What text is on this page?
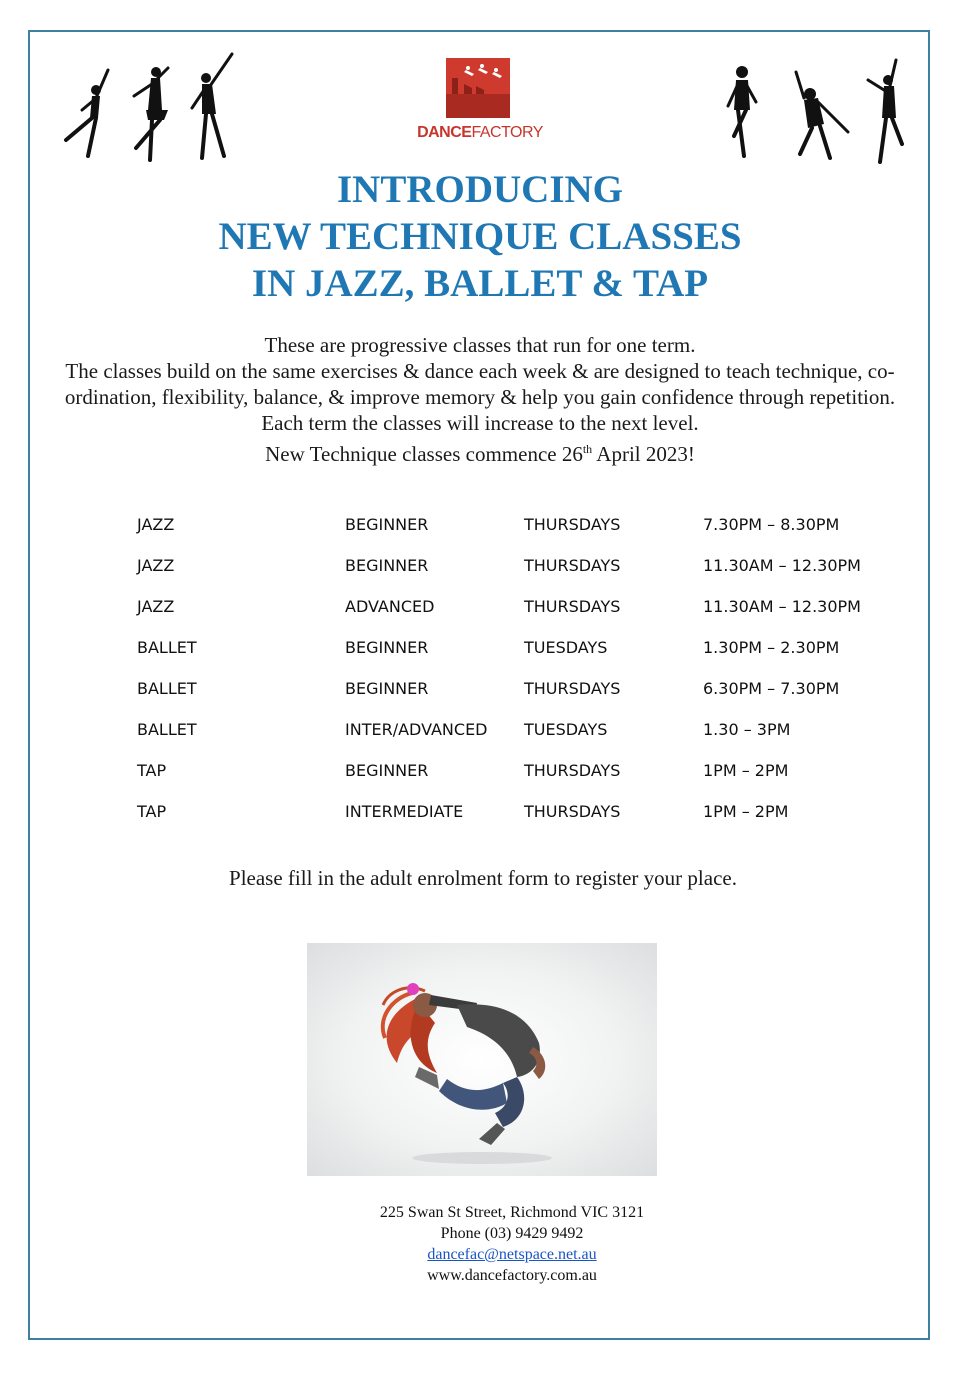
DANCEFACTORY
INTRODUCING
NEW TECHNIQUE CLASSES
IN JAZZ, BALLET & TAP

These are progressive classes that run for one term.

The classes build on the same exercises & dance each week & are designed to teach technique, co-ordination, flexibility, balance, & improve memory & help you gain confidence through repetition.

Each term the classes will increase to the next level.

New Technique classes commence 26th April 2023!

JAZZ	BEGINNER	THURSDAYS	7.30PM – 8.30PM
JAZZ	BEGINNER	THURSDAYS	11.30AM – 12.30PM
JAZZ	ADVANCED	THURSDAYS	11.30AM – 12.30PM
BALLET	BEGINNER	TUESDAYS	1.30PM – 2.30PM
BALLET	BEGINNER	THURSDAYS	6.30PM – 7.30PM
BALLET	INTER/ADVANCED TUESDAYS	1.30 – 3PM
TAP	BEGINNER	THURSDAYS	1PM – 2PM
TAP	INTERMEDIATE	THURSDAYS	1PM – 2PM
Please fill in the adult enrolment form to register your place.
225 Swan St Street, Richmond VIC 3121
Phone (03) 9429 9492
dancefac@netspace.net.au
www.dancefactory.com.au
